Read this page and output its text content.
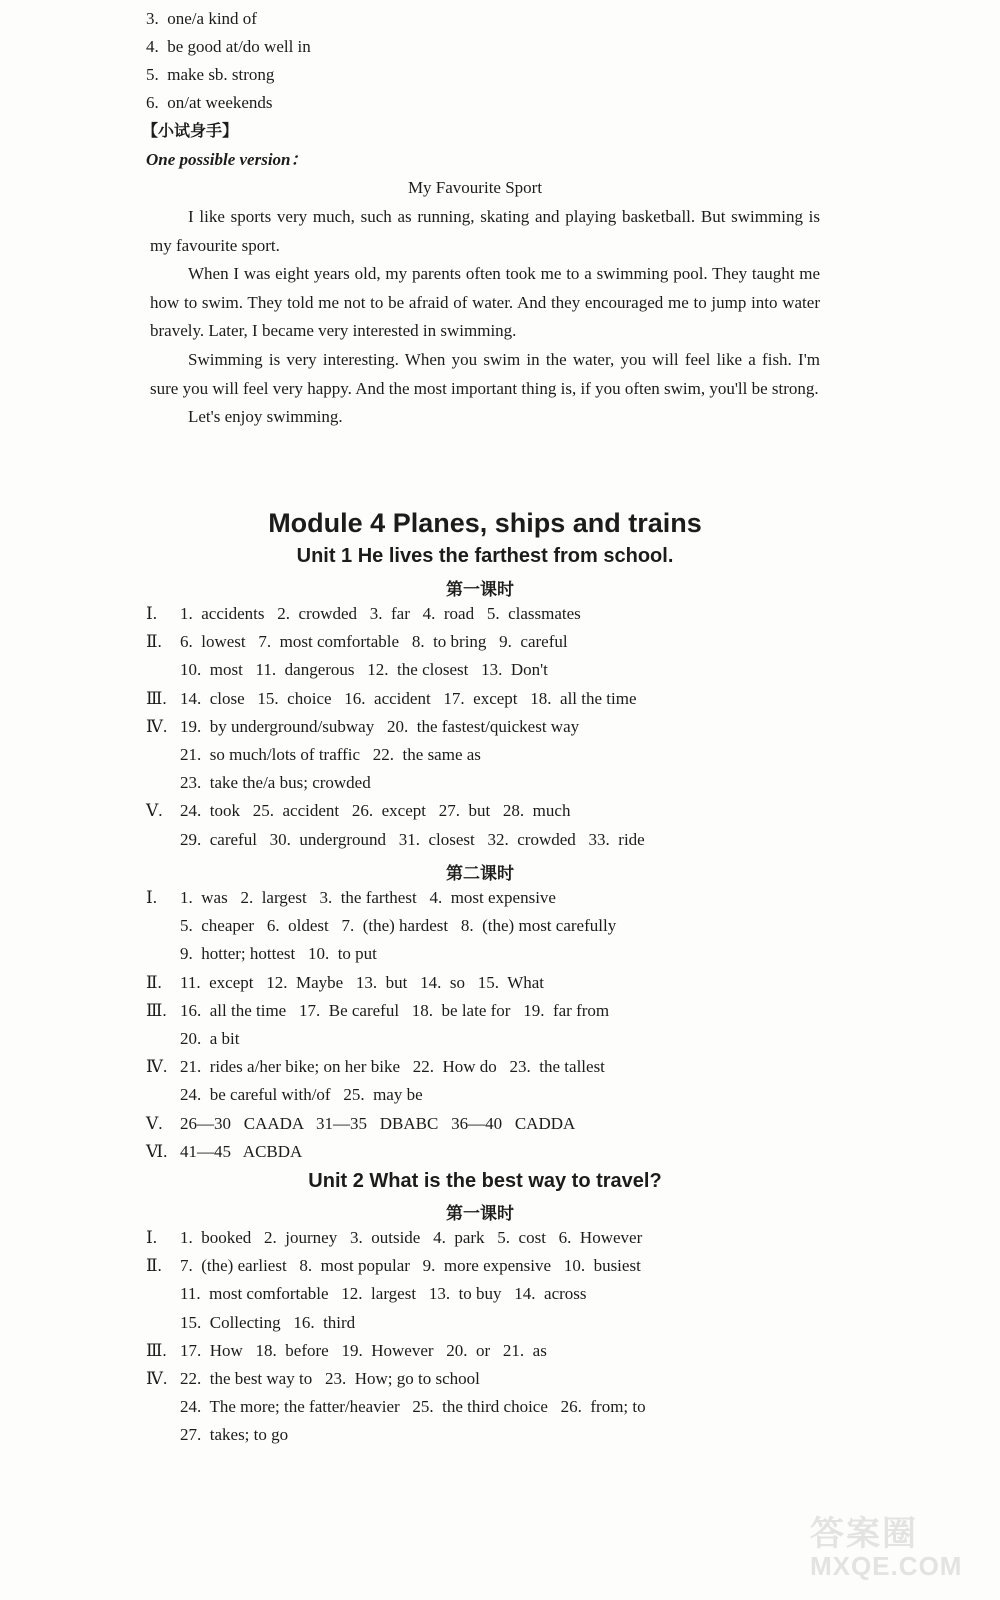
3.  one/a kind of
4.  be good at/do well in
5.  make sb. strong
6.  on/at weekends
【小试身手】
One possible version：
My Favourite Sport

I like sports very much, such as running, skating and playing basketball. But swimming is my favourite sport.

When I was eight years old, my parents often took me to a swimming pool. They taught me how to swim. They told me not to be afraid of water. And they encouraged me to jump into water bravely. Later, I became very interested in swimming.

Swimming is very interesting. When you swim in the water, you will feel like a fish. I'm sure you will feel very happy. And the most important thing is, if you often swim, you'll be strong.

Let's enjoy swimming.

Module 4 Planes, ships and trains
Unit 1 He lives the farthest from school.
第一课时
Ⅰ. 1.  accidents   2.  crowded   3.  far   4.  road   5.  classmates
Ⅱ. 6.  lowest   7.  most comfortable   8.  to bring   9.  careful
10.  most   11.  dangerous   12.  the closest   13.  Don't
Ⅲ. 14.  close   15.  choice   16.  accident   17.  except   18.  all the time
Ⅳ. 19.  by underground/subway   20.  the fastest/quickest way
21.  so much/lots of traffic   22.  the same as
23.  take the/a bus; crowded
Ⅴ. 24.  took   25.  accident   26.  except   27.  but   28.  much
29.  careful   30.  underground   31.  closest   32.  crowded   33.  ride
第二课时
Ⅰ. 1.  was   2.  largest   3.  the farthest   4.  most expensive
5.  cheaper   6.  oldest   7.  (the) hardest   8.  (the) most carefully
9.  hotter; hottest   10.  to put
Ⅱ. 11.  except   12.  Maybe   13.  but   14.  so   15.  What
Ⅲ. 16.  all the time   17.  Be careful   18.  be late for   19.  far from
20.  a bit
Ⅳ. 21.  rides a/her bike; on her bike   22.  How do   23.  the tallest
24.  be careful with/of   25.  may be
Ⅴ. 26—30   CAADA   31—35   DBABC   36—40   CADDA
Ⅵ. 41—45   ACBDA
Unit 2 What is the best way to travel?
第一课时
Ⅰ. 1.  booked   2.  journey   3.  outside   4.  park   5.  cost   6.  However
Ⅱ. 7.  (the) earliest   8.  most popular   9.  more expensive   10.  busiest
11.  most comfortable   12.  largest   13.  to buy   14.  across
15.  Collecting   16.  third
Ⅲ. 17.  How   18.  before   19.  However   20.  or   21.  as
Ⅳ. 22.  the best way to   23.  How; go to school
24.  The more; the fatter/heavier   25.  the third choice   26.  from; to
27.  takes; to go
答案圈
MXQE.COM
